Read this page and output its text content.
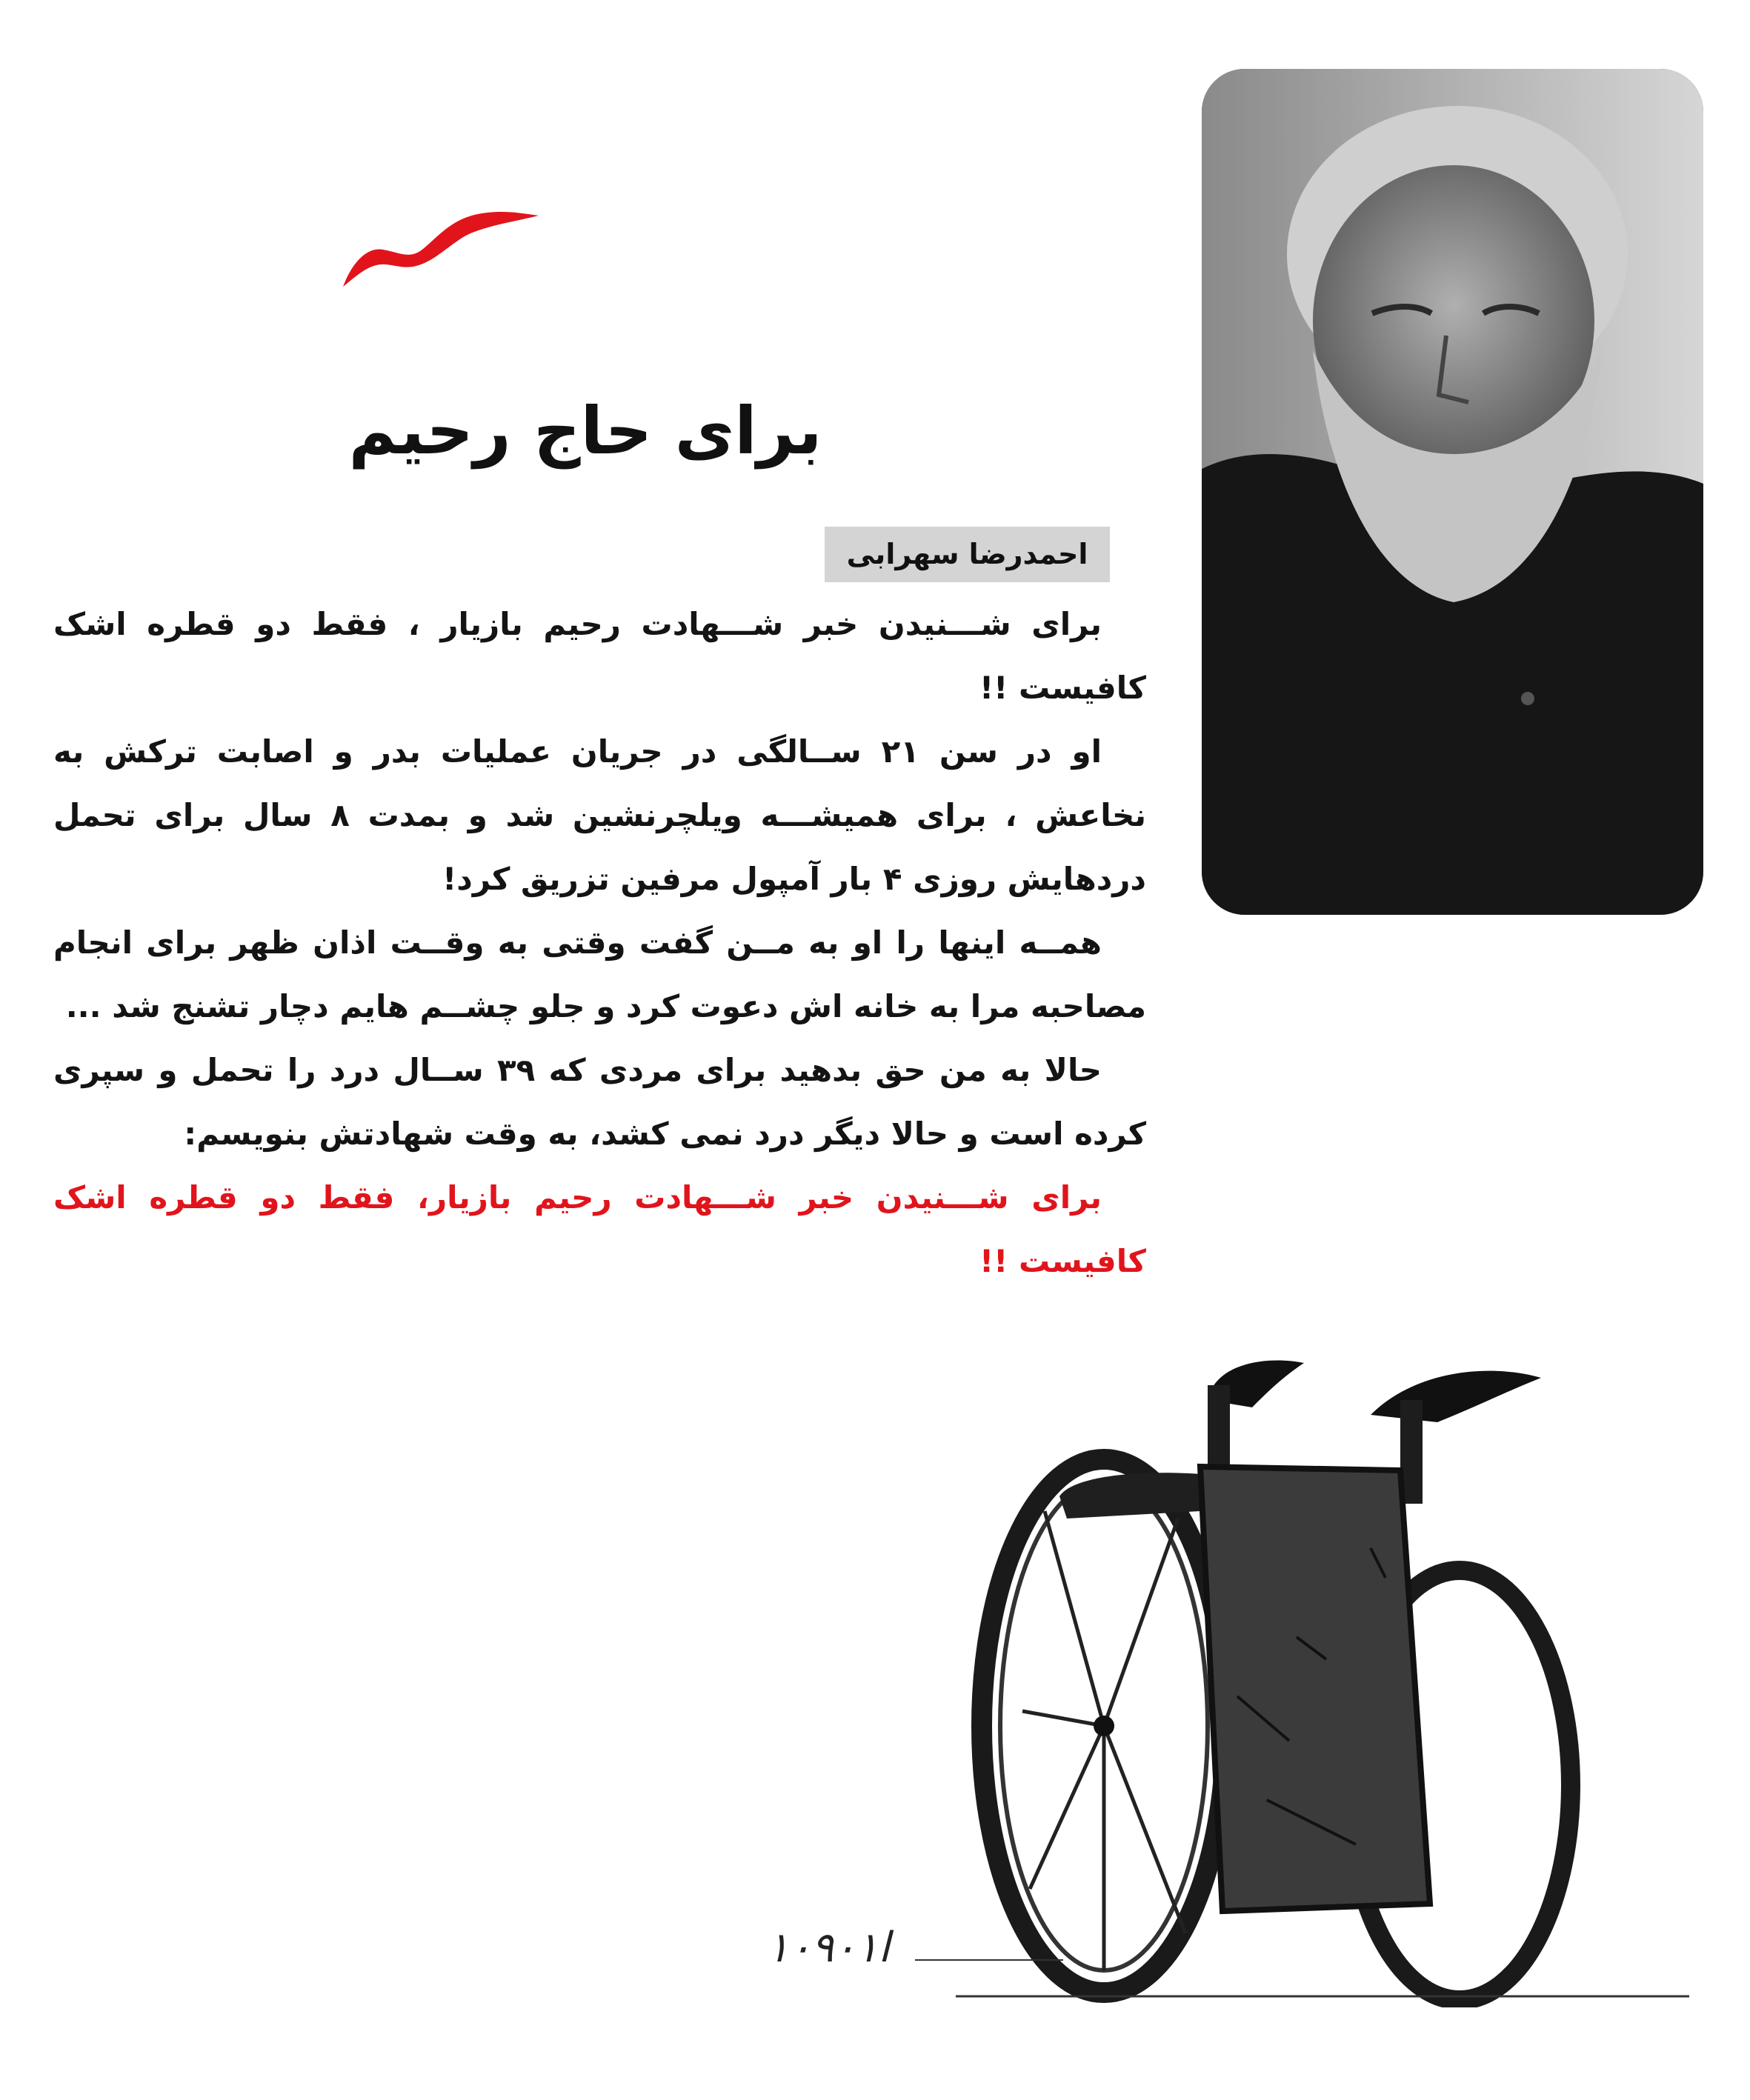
برای حاج رحیم
احمدرضا سهرابی

برای شـــنیدن خبر شـــهادت رحیم بازیار ، فقط دو قطره اشک کافیست !!

او در سن ۲۱ ســالگی در جریان عملیات بدر و اصابت ترکش به نخاعش ، برای همیشـــه ویلچرنشین شد و بمدت ۸ سال برای تحمل دردهایش روزی ۴ بار آمپول مرفین تزریق کرد!

همــه اینها را او به مــن گفت وقتی به وقــت اذان ظهر برای انجام مصاحبه مرا به خانه اش دعوت کرد و جلو چشــم هایم دچار تشنج شد ...

حالا به من حق بدهید برای مردی که ۳۹ ســال درد را تحمل و سپری کرده است و حالا دیگر درد نمی کشد، به وقت شهادتش بنویسم:

برای شـــنیدن خبر شـــهادت رحیم بازیار، فقط دو قطره اشک کافیست !!

ا۱۰۹۰۱
